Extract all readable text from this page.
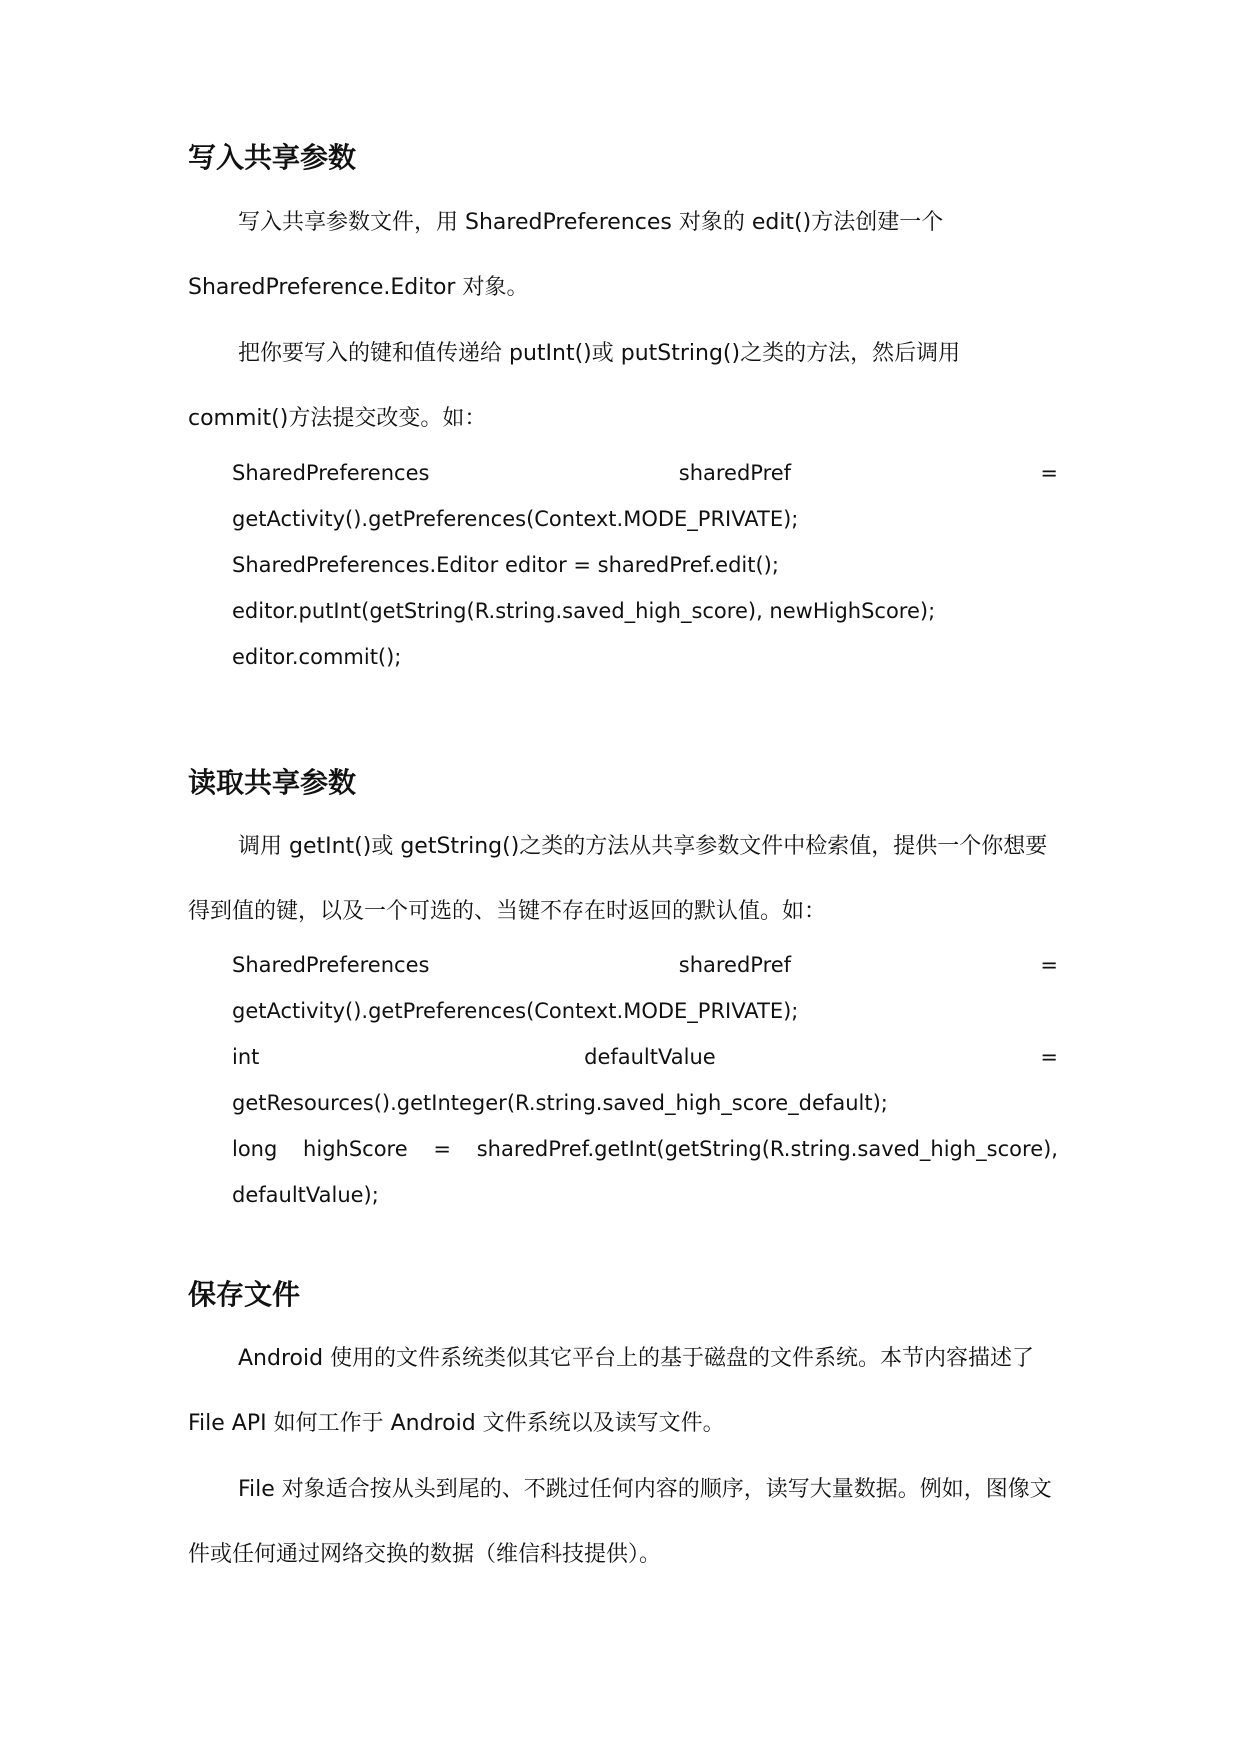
写入共享参数

写入共享参数文件，用 SharedPreferences 对象的 edit()方法创建一个 SharedPreference.Editor 对象。

把你要写入的键和值传递给 putInt()或 putString()之类的方法，然后调用 commit()方法提交改变。如：

SharedPreferences	sharedPref	=
getActivity().getPreferences(Context.MODE_PRIVATE);
SharedPreferences.Editor editor = sharedPref.edit();
editor.putInt(getString(R.string.saved_high_score), newHighScore);
editor.commit();
读取共享参数

调用 getInt()或 getString()之类的方法从共享参数文件中检索值，提供一个你想要得到值的键，以及一个可选的、当键不存在时返回的默认值。如：

SharedPreferences	sharedPref	=
getActivity().getPreferences(Context.MODE_PRIVATE);
int	defaultValue	=
getResources().getInteger(R.string.saved_high_score_default);
long highScore = sharedPref.getInt(getString(R.string.saved_high_score),
defaultValue);
保存文件

Android 使用的文件系统类似其它平台上的基于磁盘的文件系统。本节内容描述了 File API 如何工作于 Android 文件系统以及读写文件。

File 对象适合按从头到尾的、不跳过任何内容的顺序，读写大量数据。例如，图像文件或任何通过网络交换的数据（维信科技提供）。
